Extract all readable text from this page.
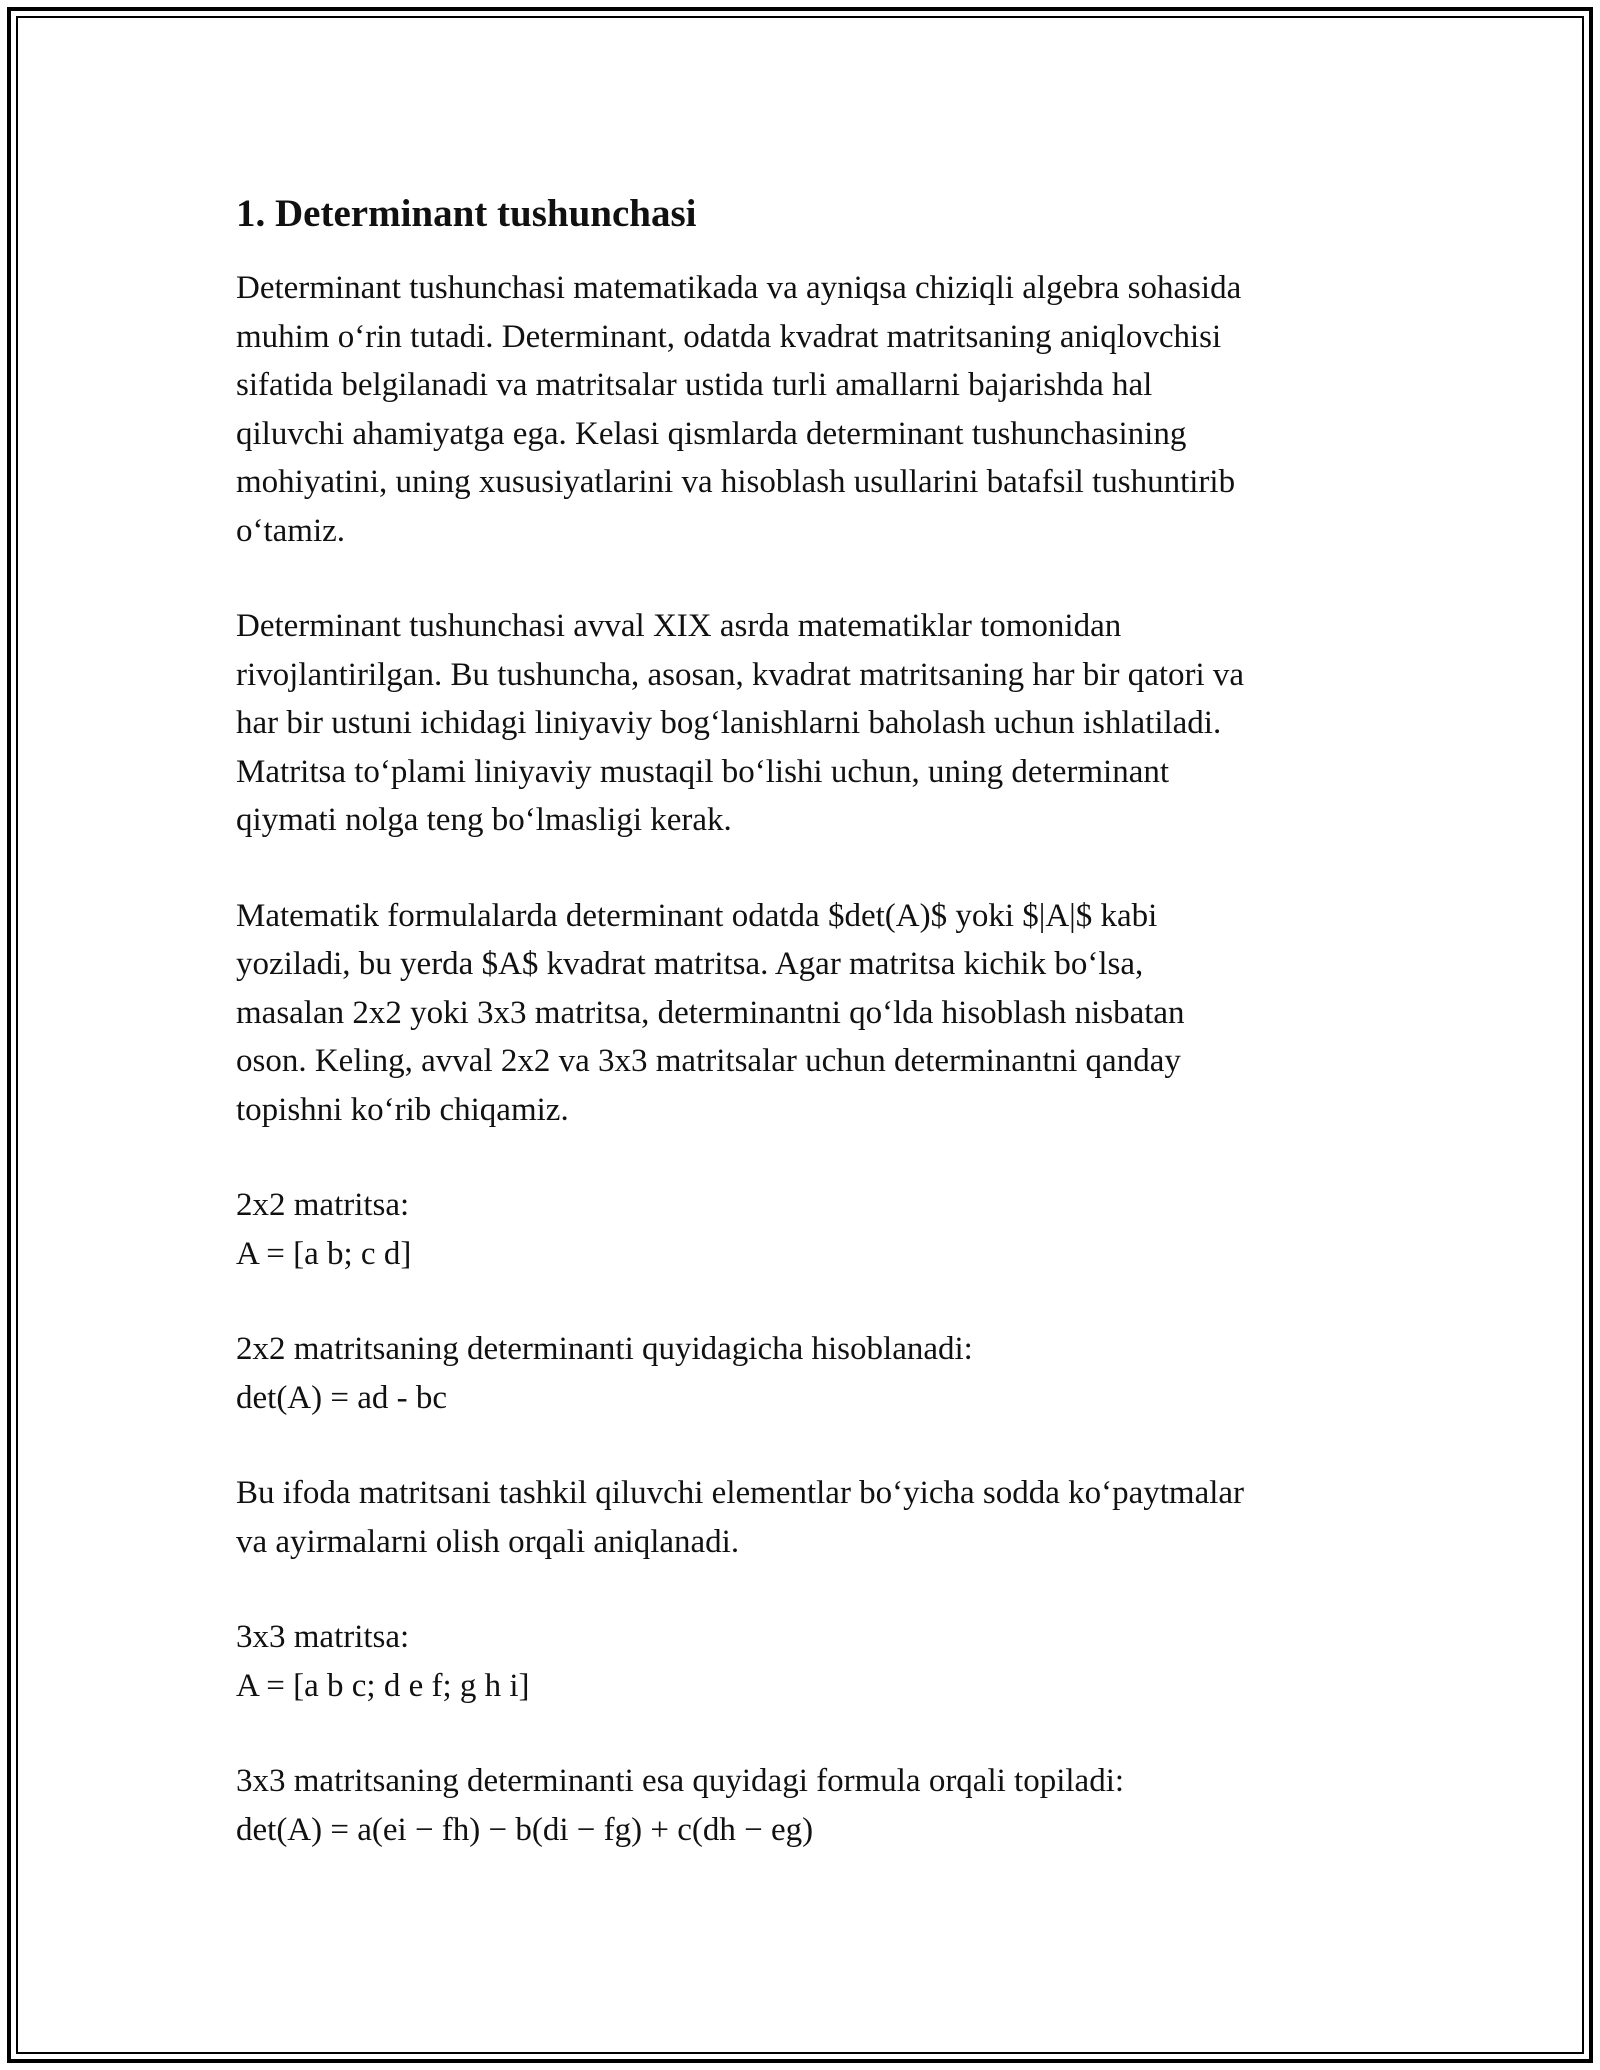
1. Determinant tushunchasi

Determinant tushunchasi matematikada va ayniqsa chiziqli algebra sohasida
muhim o‘rin tutadi. Determinant, odatda kvadrat matritsaning aniqlovchisi
sifatida belgilanadi va matritsalar ustida turli amallarni bajarishda hal
qiluvchi ahamiyatga ega. Kelasi qismlarda determinant tushunchasining
mohiyatini, uning xususiyatlarini va hisoblash usullarini batafsil tushuntirib
o‘tamiz.

Determinant tushunchasi avval XIX asrda matematiklar tomonidan
rivojlantirilgan. Bu tushuncha, asosan, kvadrat matritsaning har bir qatori va
har bir ustuni ichidagi liniyaviy bog‘lanishlarni baholash uchun ishlatiladi.
Matritsa to‘plami liniyaviy mustaqil bo‘lishi uchun, uning determinant
qiymati nolga teng bo‘lmasligi kerak.

Matematik formulalarda determinant odatda $det(A)$ yoki $|A|$ kabi
yoziladi, bu yerda $A$ kvadrat matritsa. Agar matritsa kichik bo‘lsa,
masalan 2x2 yoki 3x3 matritsa, determinantni qo‘lda hisoblash nisbatan
oson. Keling, avval 2x2 va 3x3 matritsalar uchun determinantni qanday
topishni ko‘rib chiqamiz.

2x2 matritsa:
A = [a b; c d]

2x2 matritsaning determinanti quyidagicha hisoblanadi:
det(A) = ad - bc

Bu ifoda matritsani tashkil qiluvchi elementlar bo‘yicha sodda ko‘paytmalar
va ayirmalarni olish orqali aniqlanadi.

3x3 matritsa:
A = [a b c; d e f; g h i]

3x3 matritsaning determinanti esa quyidagi formula orqali topiladi:
det(A) = a(ei − fh) − b(di − fg) + c(dh − eg)
